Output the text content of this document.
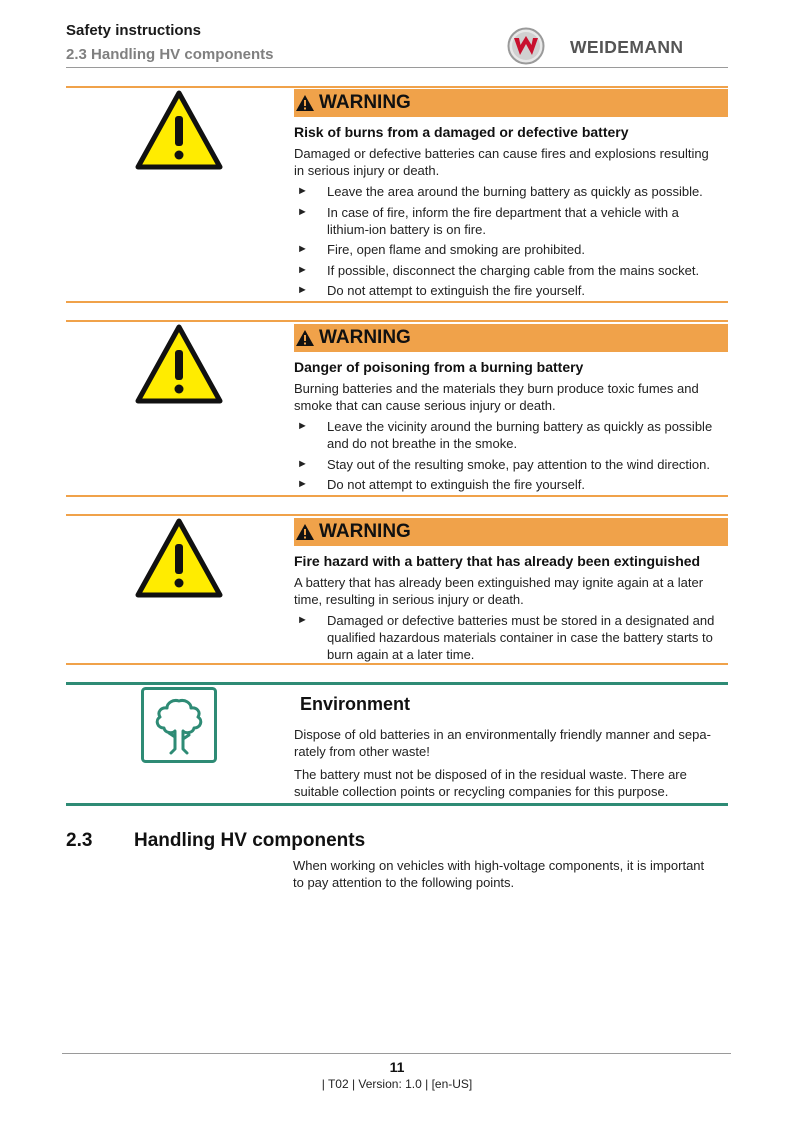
Safety instructions
2.3 Handling HV components	WEIDEMANN
WARNING
Risk of burns from a damaged or defective battery
Damaged or defective batteries can cause fires and explosions resulting
in serious injury or death.
► Leave the area around the burning battery as quickly as possible.
► In case of fire, inform the fire department that a vehicle with a
lithium-ion battery is on fire.
► Fire, open flame and smoking are prohibited.
► If possible, disconnect the charging cable from the mains socket.
► Do not attempt to extinguish the fire yourself.
WARNING
Danger of poisoning from a burning battery
Burning batteries and the materials they burn produce toxic fumes and
smoke that can cause serious injury or death.
► Leave the vicinity around the burning battery as quickly as possible
and do not breathe in the smoke.
► Stay out of the resulting smoke, pay attention to the wind direction.
► Do not attempt to extinguish the fire yourself.
WARNING
Fire hazard with a battery that has already been extinguished
A battery that has already been extinguished may ignite again at a later
time, resulting in serious injury or death.
► Damaged or defective batteries must be stored in a designated and
qualified hazardous materials container in case the battery starts to
burn again at a later time.
Environment
Dispose of old batteries in an environmentally friendly manner and sepa-
rately from other waste!
The battery must not be disposed of in the residual waste. There are
suitable collection points or recycling companies for this purpose.
2.3 Handling HV components
When working on vehicles with high-voltage components, it is important
to pay attention to the following points.
11
| T02 | Version: 1.0 | [en-US]
